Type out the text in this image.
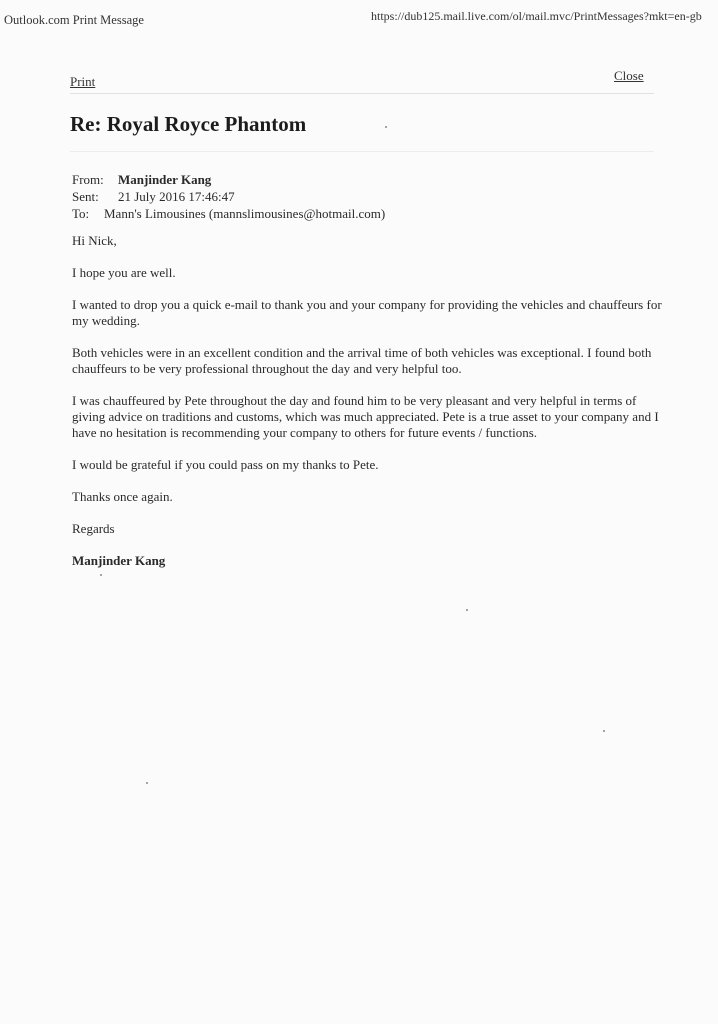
Outlook.com Print Message	https://dub125.mail.live.com/ol/mail.mvc/PrintMessages?mkt=en-gb
Print	Close
Re: Royal Royce Phantom
From:	Manjinder Kang
Sent:	21 July 2016 17:46:47
To:	Mann's Limousines (mannslimousines@hotmail.com)

Hi Nick,

I hope you are well.

I wanted to drop you a quick e-mail to thank you and your company for providing the vehicles and chauffeurs for my wedding.

Both vehicles were in an excellent condition and the arrival time of both vehicles was exceptional. I found both chauffeurs to be very professional throughout the day and very helpful too.

I was chauffeured by Pete throughout the day and found him to be very pleasant and very helpful in terms of giving advice on traditions and customs, which was much appreciated. Pete is a true asset to your company and I have no hesitation is recommending your company to others for future events / functions.

I would be grateful if you could pass on my thanks to Pete.

Thanks once again.

Regards

Manjinder Kang
